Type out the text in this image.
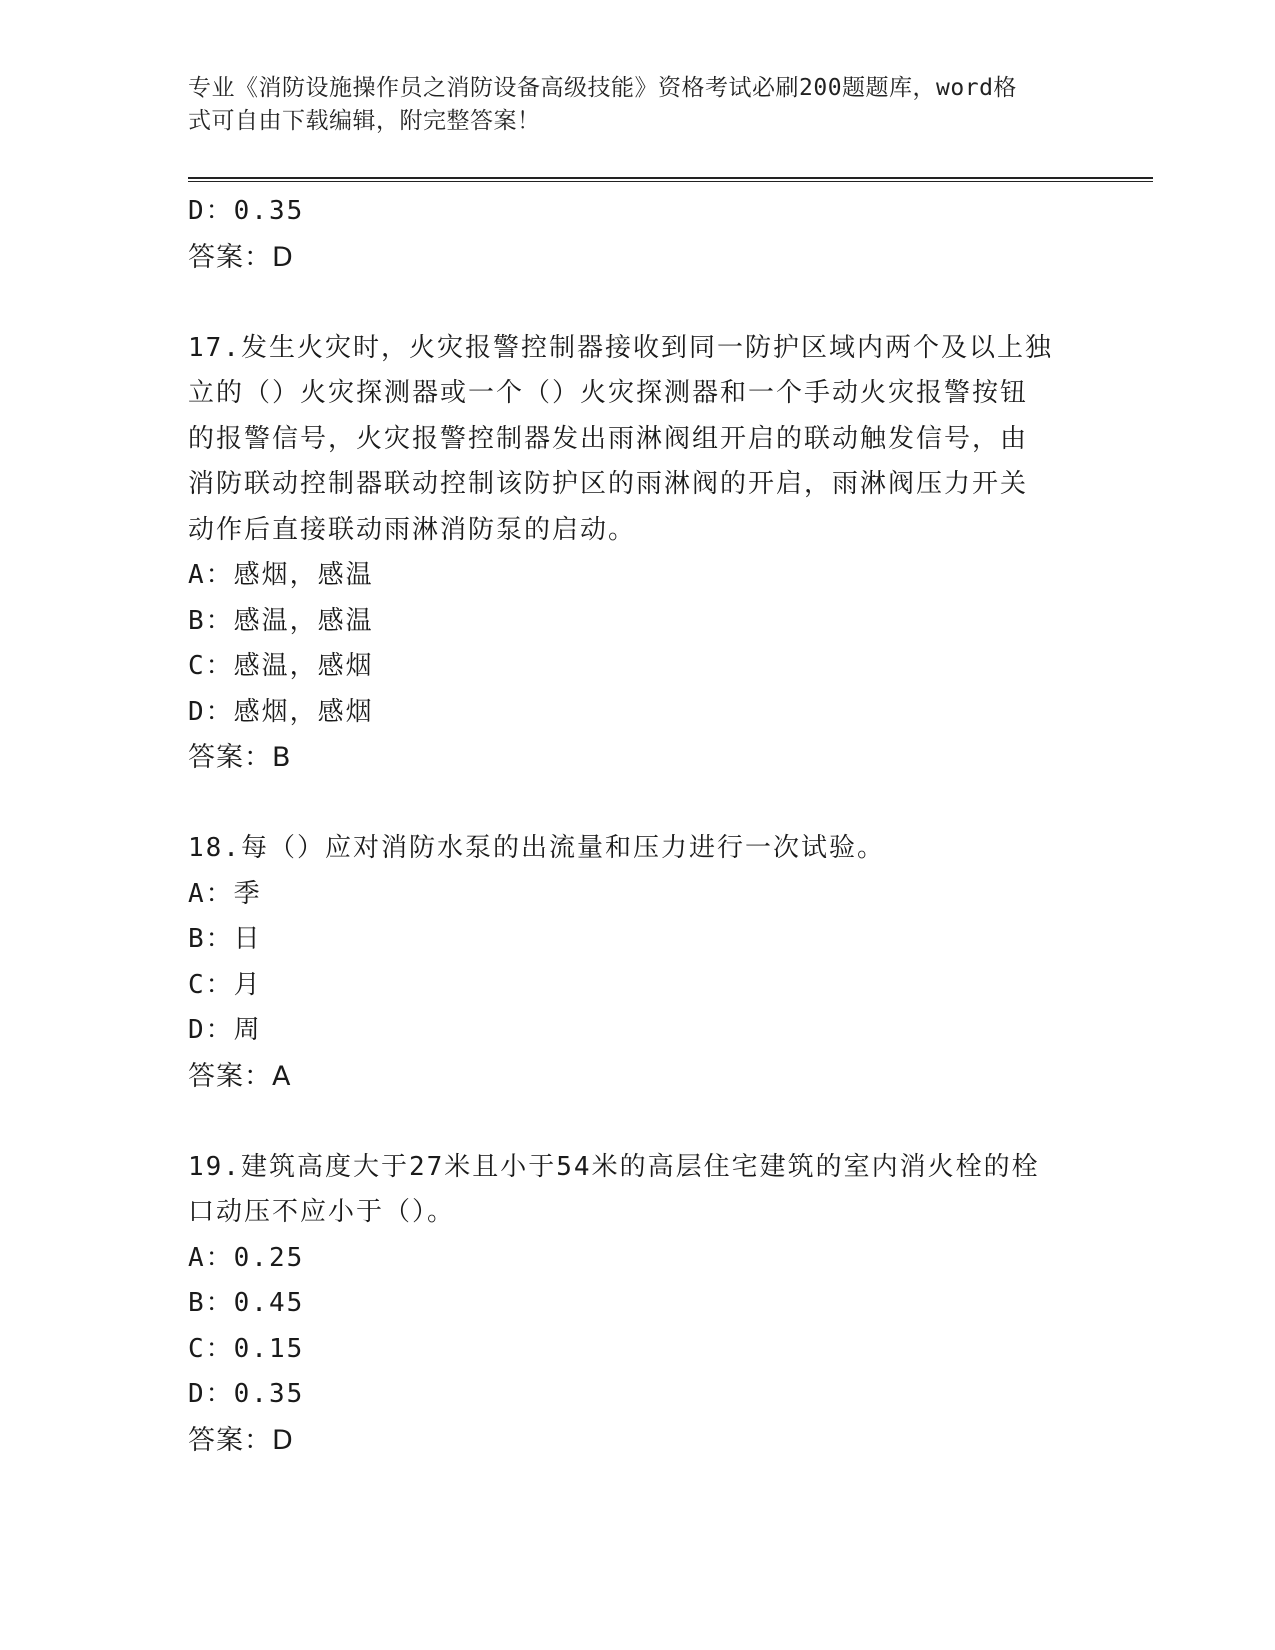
专业《消防设施操作员之消防设备高级技能》资格考试必刷200题题库，word格
式可自由下载编辑，附完整答案！
D：0.35
答案：D
17.发生火灾时，火灾报警控制器接收到同一防护区域内两个及以上独
立的（）火灾探测器或一个（）火灾探测器和一个手动火灾报警按钮
的报警信号，火灾报警控制器发出雨淋阀组开启的联动触发信号，由
消防联动控制器联动控制该防护区的雨淋阀的开启，雨淋阀压力开关
动作后直接联动雨淋消防泵的启动。
A：感烟，感温
B：感温，感温
C：感温，感烟
D：感烟，感烟
答案：B
18.每（）应对消防水泵的出流量和压力进行一次试验。
A：季
B：日
C：月
D：周
答案：A
19.建筑高度大于27米且小于54米的高层住宅建筑的室内消火栓的栓
口动压不应小于（）。
A：0.25
B：0.45
C：0.15
D：0.35
答案：D
